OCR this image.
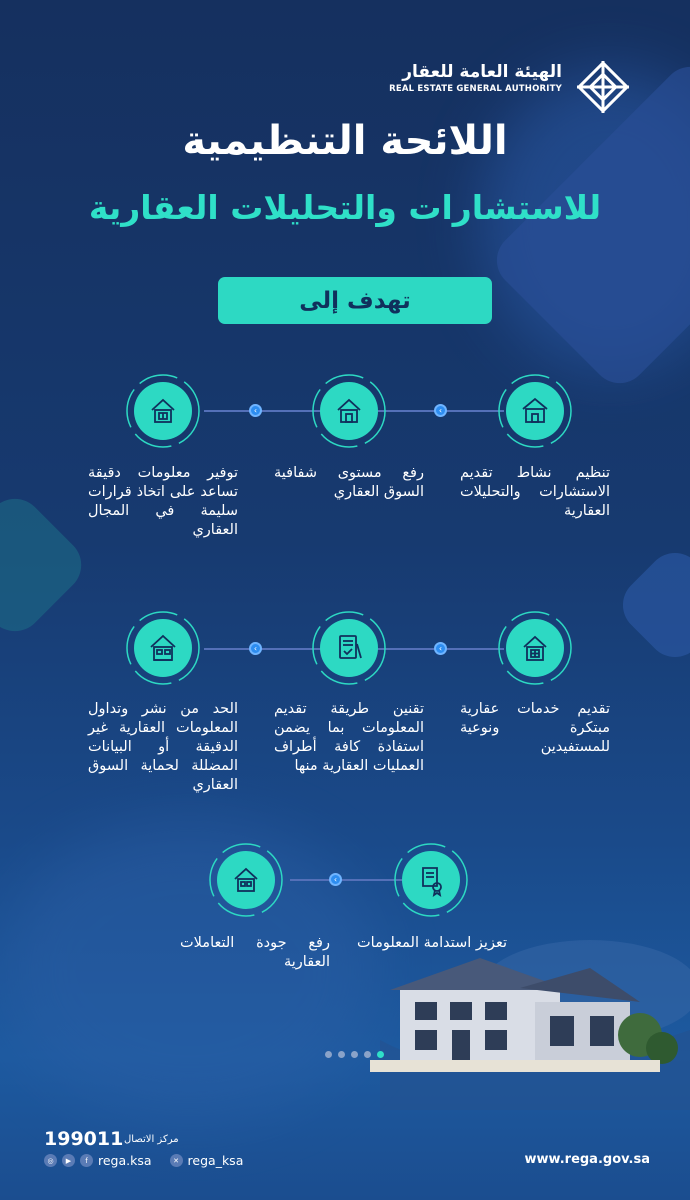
الهيئة العامة للعقار
REAL ESTATE GENERAL AUTHORITY
اللائحة التنظيمية
للاستشارات والتحليلات العقارية
تهدف إلى
‹	‹
تنظيم نشاط تقديم الاستشارات والتحليلات العقارية
رفع مستوى شفافية السوق العقاري
توفير معلومات دقيقة تساعد على اتخاذ قرارات سليمة في المجال العقاري
‹	‹
تقديم خدمات عقارية مبتكرة ونوعية للمستفيدين
تقنين طريقة تقديم المعلومات بما يضمن استفادة كافة أطراف العمليات العقارية منها
الحد من نشر وتداول المعلومات العقارية غير الدقيقة أو البيانات المضللة لحماية السوق العقاري
‹
تعزيز استدامة المعلومات
رفع جودة التعاملات العقارية
199011 مركز الاتصال
◎	▶	f rega.ksa	✕ rega_ksa	www.rega.gov.sa
